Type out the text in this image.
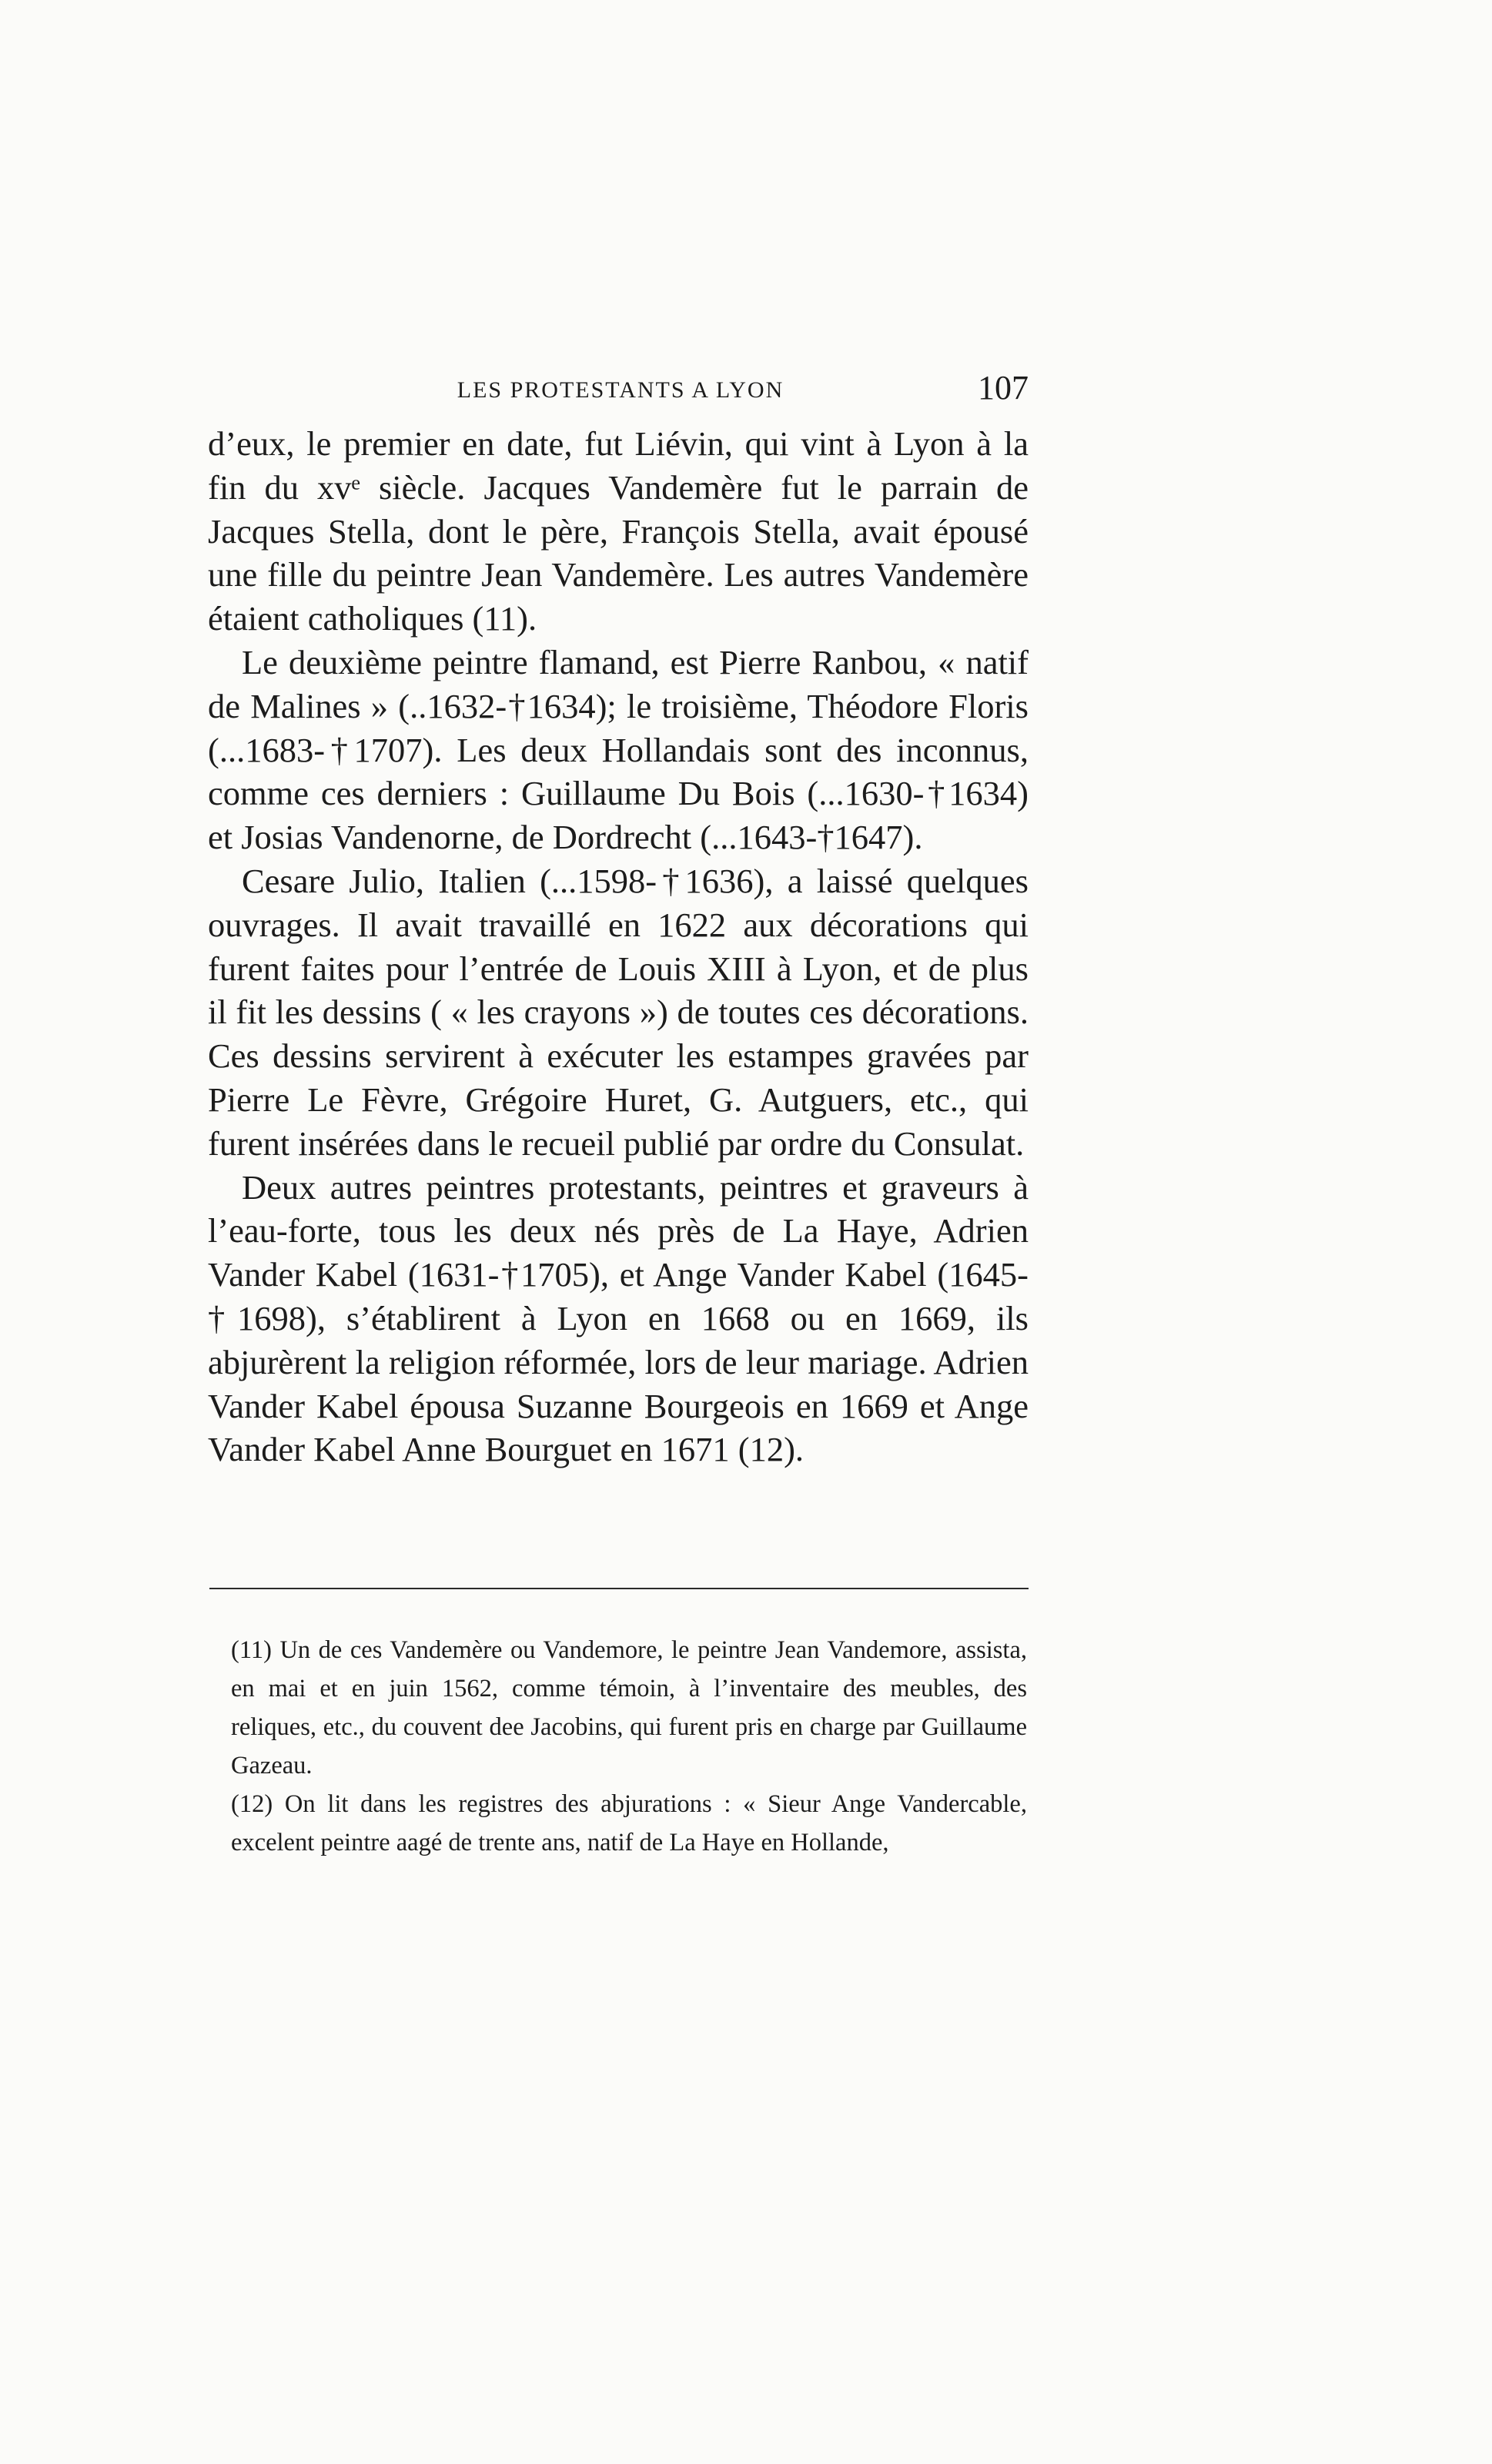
LES PROTESTANTS A LYON	107

d’eux, le premier en date, fut Liévin, qui vint à Lyon à la fin du xvᵉ siècle. Jacques Vandemère fut le parrain de Jacques Stella, dont le père, François Stella, avait épousé une fille du peintre Jean Vandemère. Les autres Vandemère étaient catholiques (11).

Le deuxième peintre flamand, est Pierre Ranbou, « natif de Malines » (..1632-†1634); le troisième, Théodore Floris (...1683-†1707). Les deux Hollandais sont des inconnus, comme ces derniers : Guillaume Du Bois (...1630-†1634) et Josias Vandenorne, de Dordrecht (...1643-†1647).

Cesare Julio, Italien (...1598-†1636), a laissé quelques ouvrages. Il avait travaillé en 1622 aux décorations qui furent faites pour l’entrée de Louis XIII à Lyon, et de plus il fit les dessins ( « les crayons ») de toutes ces décorations. Ces dessins servirent à exécuter les estampes gravées par Pierre Le Fèvre, Grégoire Huret, G. Autguers, etc., qui furent insérées dans le recueil publié par ordre du Consulat.

Deux autres peintres protestants, peintres et graveurs à l’eau-forte, tous les deux nés près de La Haye, Adrien Vander Kabel (1631-†1705), et Ange Vander Kabel (1645-†1698), s’établirent à Lyon en 1668 ou en 1669, ils abjurèrent la religion réformée, lors de leur mariage. Adrien Vander Kabel épousa Suzanne Bourgeois en 1669 et Ange Vander Kabel Anne Bourguet en 1671 (12).

(11) Un de ces Vandemère ou Vandemore, le peintre Jean Vandemore, assista, en mai et en juin 1562, comme témoin, à l’inventaire des meubles, des reliques, etc., du couvent dee Jacobins, qui furent pris en charge par Guillaume Gazeau.

(12) On lit dans les registres des abjurations : « Sieur Ange Vandercable, excelent peintre aagé de trente ans, natif de La Haye en Hollande,
